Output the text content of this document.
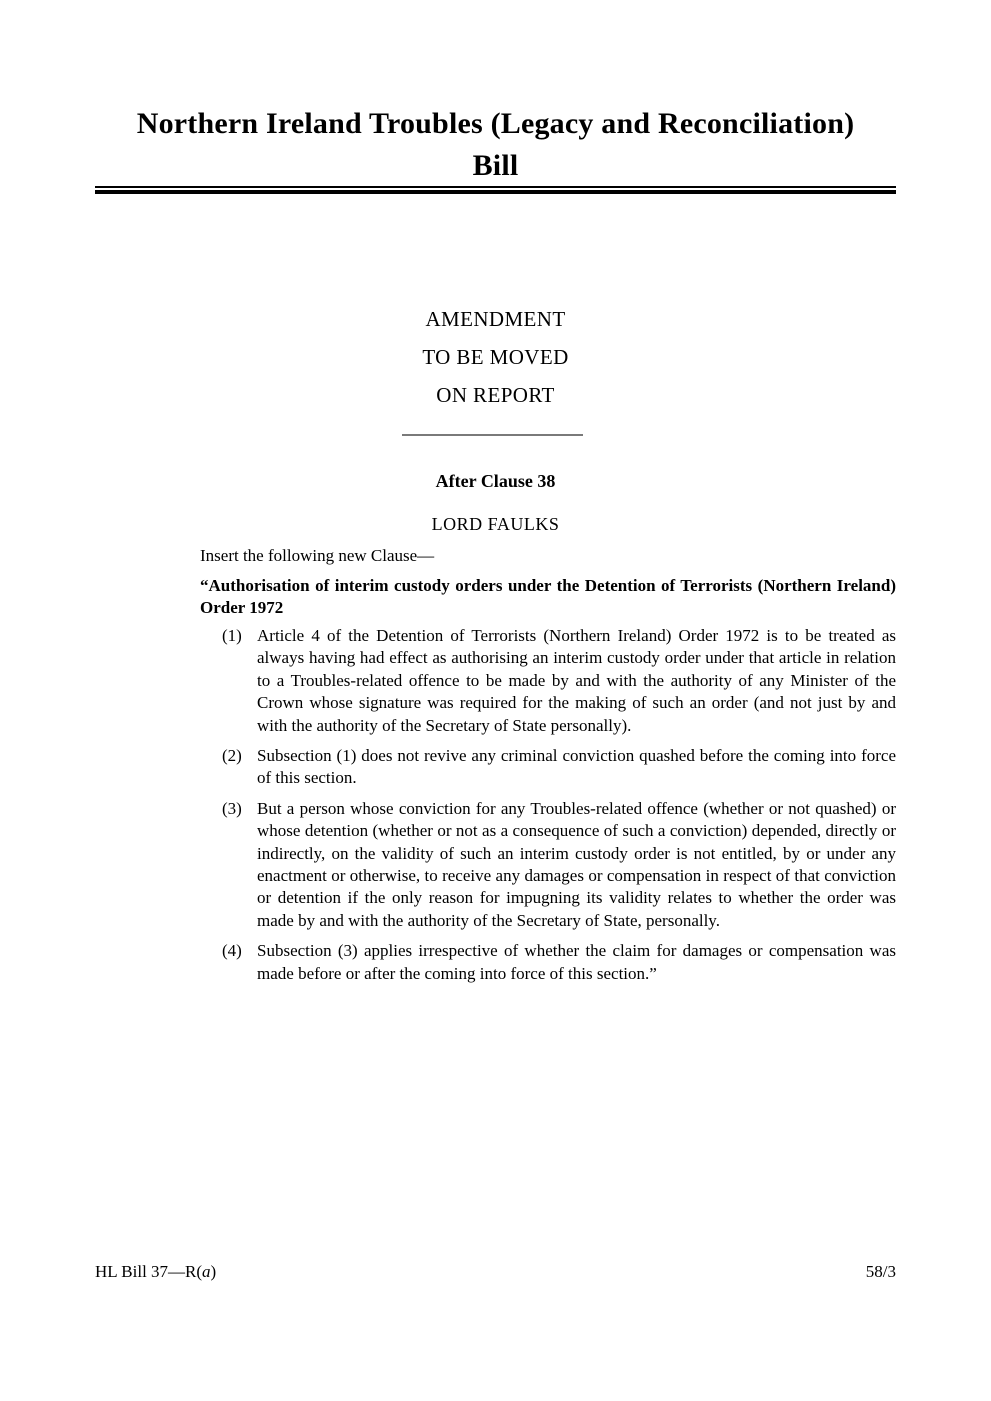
Northern Ireland Troubles (Legacy and Reconciliation)
Bill
AMENDMENT
TO BE MOVED
ON REPORT
After Clause 38
LORD FAULKS
Insert the following new Clause—
“Authorisation of interim custody orders under the Detention of Terrorists (Northern Ireland) Order 1972
(1) Article 4 of the Detention of Terrorists (Northern Ireland) Order 1972 is to be treated as always having had effect as authorising an interim custody order under that article in relation to a Troubles-related offence to be made by and with the authority of any Minister of the Crown whose signature was required for the making of such an order (and not just by and with the authority of the Secretary of State personally).
(2) Subsection (1) does not revive any criminal conviction quashed before the coming into force of this section.
(3) But a person whose conviction for any Troubles-related offence (whether or not quashed) or whose detention (whether or not as a consequence of such a conviction) depended, directly or indirectly, on the validity of such an interim custody order is not entitled, by or under any enactment or otherwise, to receive any damages or compensation in respect of that conviction or detention if the only reason for impugning its validity relates to whether the order was made by and with the authority of the Secretary of State, personally.
(4) Subsection (3) applies irrespective of whether the claim for damages or compensation was made before or after the coming into force of this section.”
HL Bill 37—R(a)	58/3
